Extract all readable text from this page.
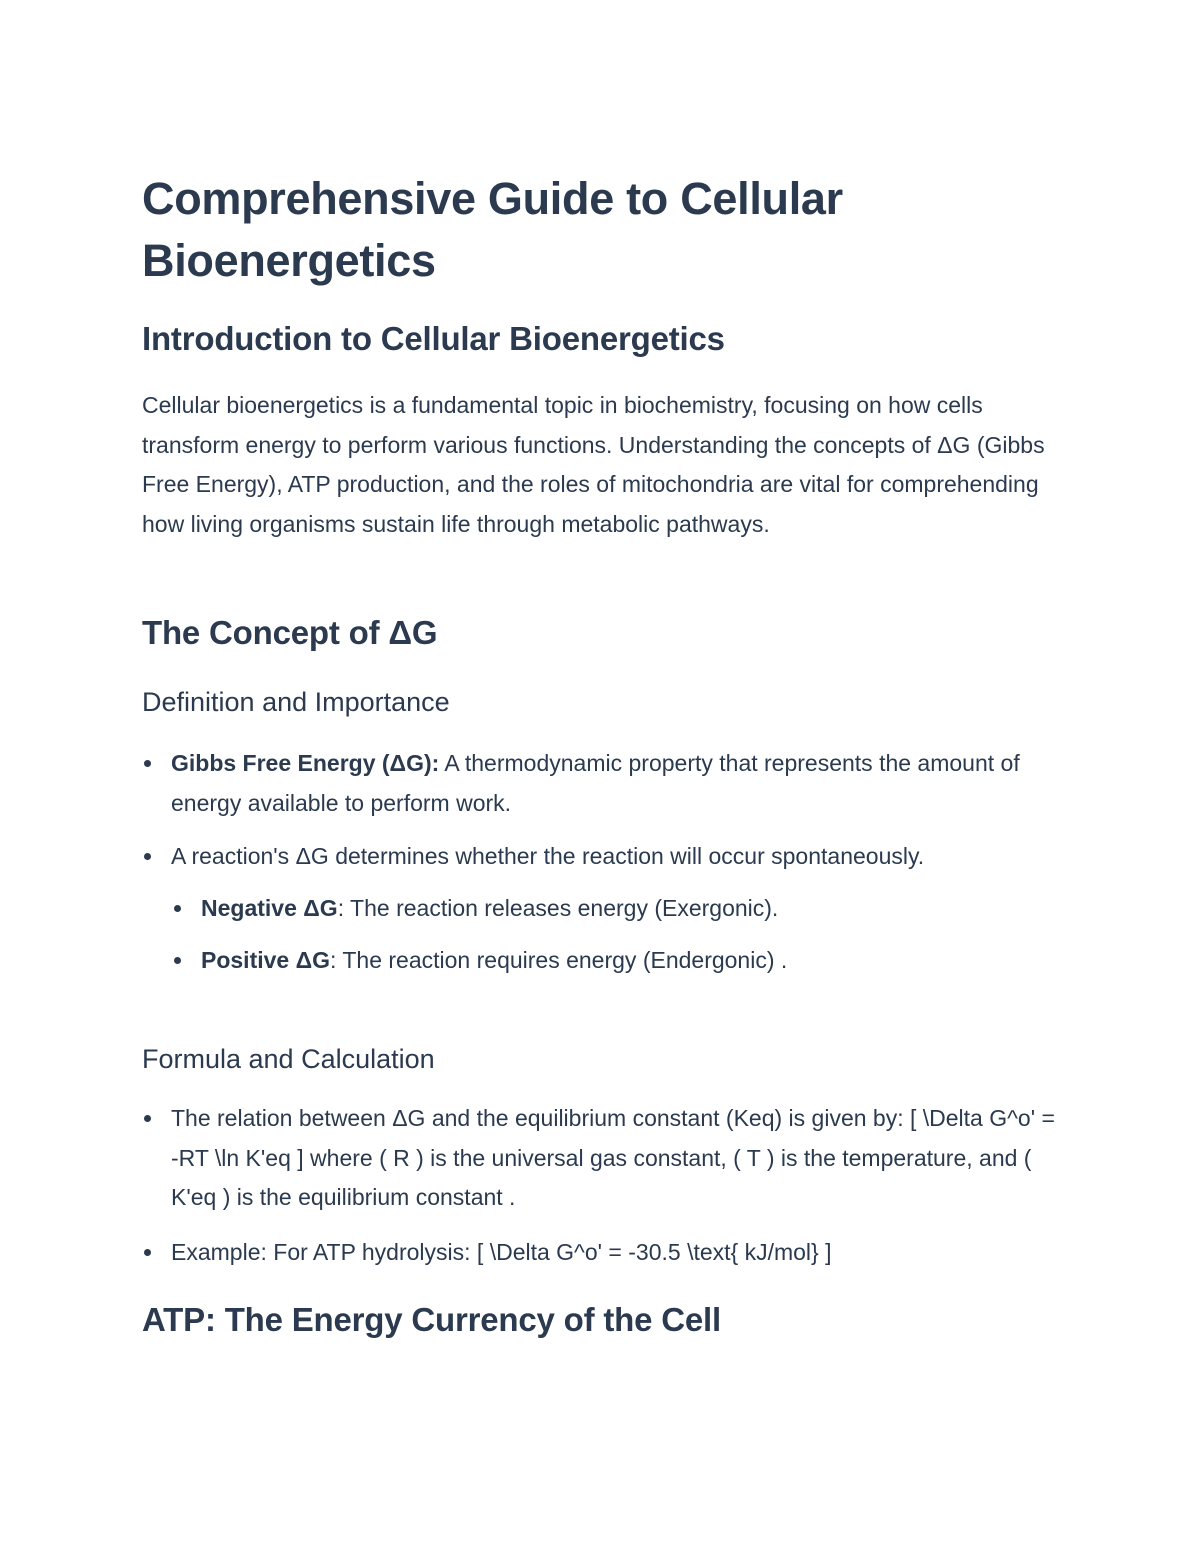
Comprehensive Guide to Cellular Bioenergetics
Introduction to Cellular Bioenergetics

Cellular bioenergetics is a fundamental topic in biochemistry, focusing on how cells transform energy to perform various functions. Understanding the concepts of ΔG (Gibbs Free Energy), ATP production, and the roles of mitochondria are vital for comprehending how living organisms sustain life through metabolic pathways.

The Concept of ΔG
Definition and Importance
Gibbs Free Energy (ΔG): A thermodynamic property that represents the amount of energy available to perform work.
A reaction's ΔG determines whether the reaction will occur spontaneously.
Negative ΔG: The reaction releases energy (Exergonic).
Positive ΔG: The reaction requires energy (Endergonic) .
Formula and Calculation
The relation between ΔG and the equilibrium constant (Keq) is given by: [ \Delta G^o' = -RT \ln K'eq ] where ( R ) is the universal gas constant, ( T ) is the temperature, and ( K'eq ) is the equilibrium constant .
Example: For ATP hydrolysis: [ \Delta G^o' = -30.5 \text{ kJ/mol} ]
ATP: The Energy Currency of the Cell
